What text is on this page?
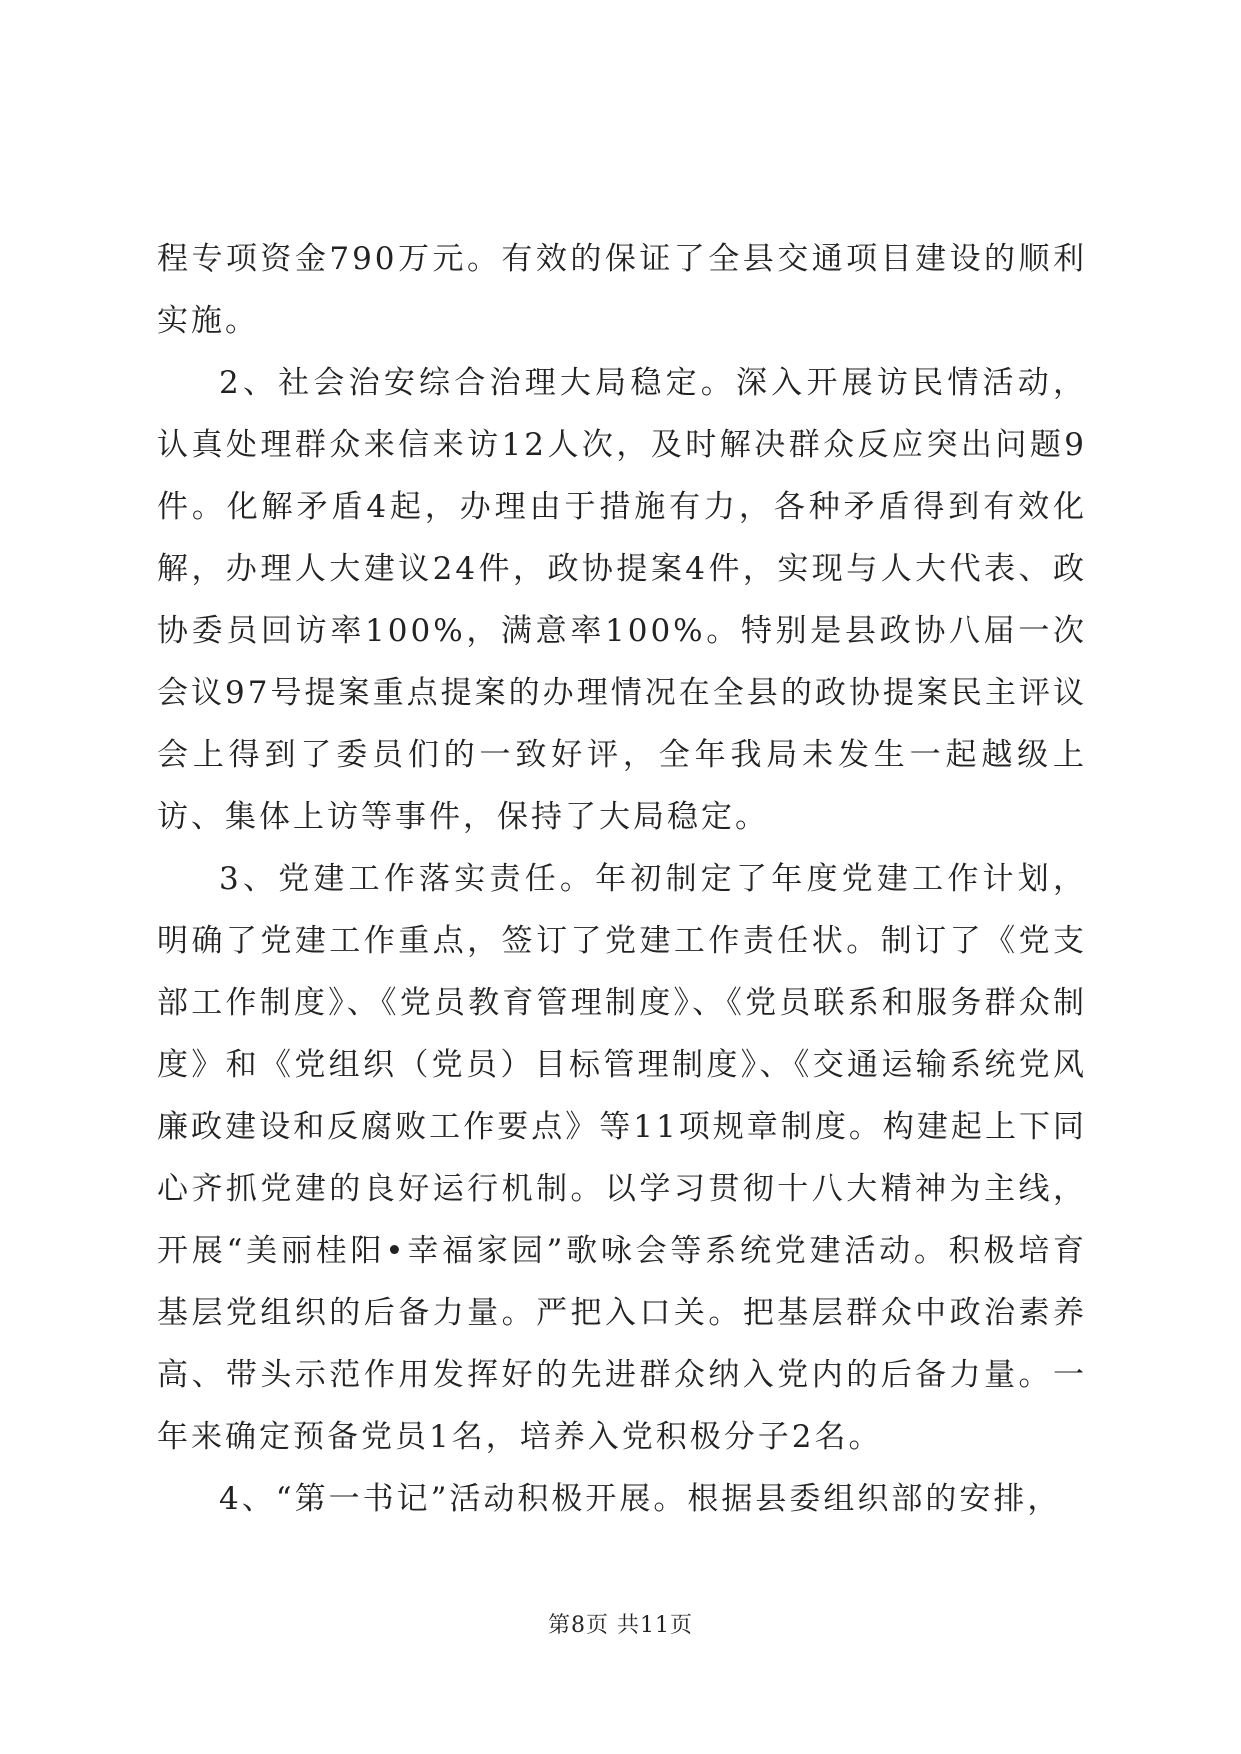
程专项资金790万元。有效的保证了全县交通项目建设的顺利实施。

2、社会治安综合治理大局稳定。深入开展访民情活动，认真处理群众来信来访12人次，及时解决群众反应突出问题9件。化解矛盾4起，办理由于措施有力，各种矛盾得到有效化解，办理人大建议24件，政协提案4件，实现与人大代表、政协委员回访率100%，满意率100%。特别是县政协八届一次会议97号提案重点提案的办理情况在全县的政协提案民主评议会上得到了委员们的一致好评，全年我局未发生一起越级上访、集体上访等事件，保持了大局稳定。

3、党建工作落实责任。年初制定了年度党建工作计划，明确了党建工作重点，签订了党建工作责任状。制订了《党支部工作制度》、《党员教育管理制度》、《党员联系和服务群众制度》和《党组织（党员）目标管理制度》、《交通运输系统党风廉政建设和反腐败工作要点》等11项规章制度。构建起上下同心齐抓党建的良好运行机制。以学习贯彻十八大精神为主线，开展“美丽桂阳•幸福家园”歌咏会等系统党建活动。积极培育基层党组织的后备力量。严把入口关。把基层群众中政治素养高、带头示范作用发挥好的先进群众纳入党内的后备力量。一年来确定预备党员1名，培养入党积极分子2名。

4、“第一书记”活动积极开展。根据县委组织部的安排，

第8页 共11页
